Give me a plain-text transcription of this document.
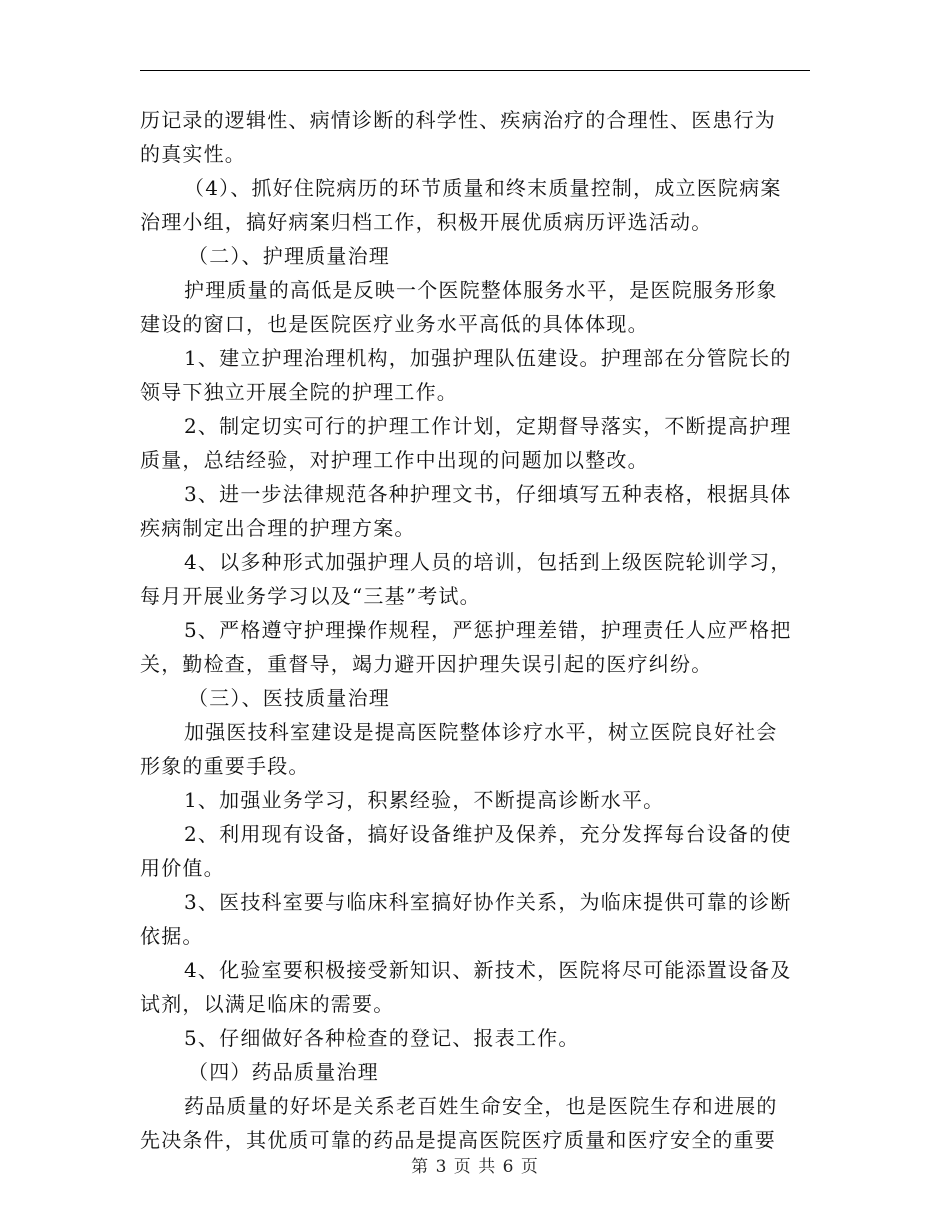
历记录的逻辑性、病情诊断的科学性、疾病治疗的合理性、医患行为
的真实性。
（4）、抓好住院病历的环节质量和终末质量控制，成立医院病案
治理小组，搞好病案归档工作，积极开展优质病历评选活动。
（二）、护理质量治理
护理质量的高低是反映一个医院整体服务水平，是医院服务形象
建设的窗口，也是医院医疗业务水平高低的具体体现。
1、建立护理治理机构，加强护理队伍建设。护理部在分管院长的
领导下独立开展全院的护理工作。
2、制定切实可行的护理工作计划，定期督导落实，不断提高护理
质量，总结经验，对护理工作中出现的问题加以整改。
3、进一步法律规范各种护理文书，仔细填写五种表格，根据具体
疾病制定出合理的护理方案。
4、以多种形式加强护理人员的培训，包括到上级医院轮训学习，
每月开展业务学习以及“三基”考试。
5、严格遵守护理操作规程，严惩护理差错，护理责任人应严格把
关，勤检查，重督导，竭力避开因护理失误引起的医疗纠纷。
（三）、医技质量治理
加强医技科室建设是提高医院整体诊疗水平，树立医院良好社会
形象的重要手段。
1、加强业务学习，积累经验，不断提高诊断水平。
2、利用现有设备，搞好设备维护及保养，充分发挥每台设备的使
用价值。
3、医技科室要与临床科室搞好协作关系，为临床提供可靠的诊断
依据。
4、化验室要积极接受新知识、新技术，医院将尽可能添置设备及
试剂，以满足临床的需要。
5、仔细做好各种检查的登记、报表工作。
（四）药品质量治理
药品质量的好坏是关系老百姓生命安全，也是医院生存和进展的
先决条件，其优质可靠的药品是提高医院医疗质量和医疗安全的重要
第 3 页 共 6 页
